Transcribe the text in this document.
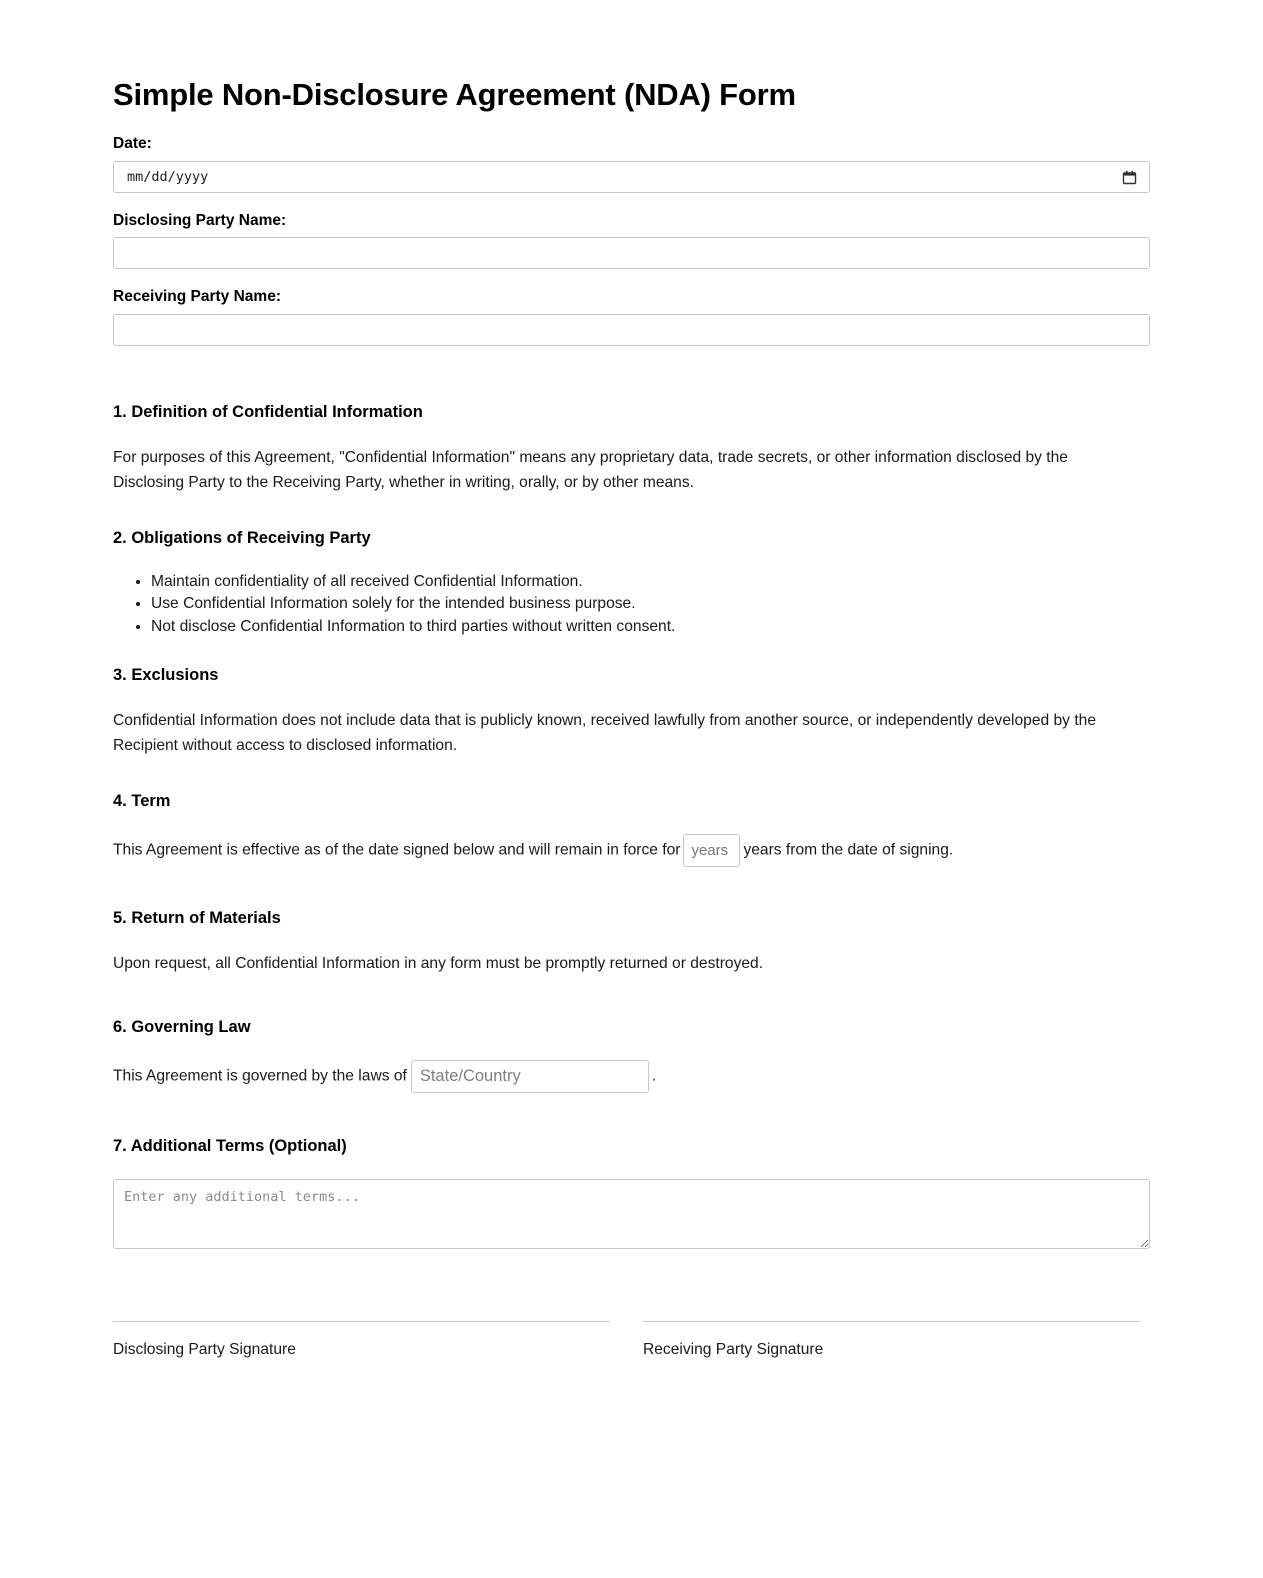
Simple Non-Disclosure Agreement (NDA) Form
Date:
mm/dd/yyyy
Disclosing Party Name:
Receiving Party Name:
1. Definition of Confidential Information

For purposes of this Agreement, "Confidential Information" means any proprietary data, trade secrets, or other information disclosed by the Disclosing Party to the Receiving Party, whether in writing, orally, or by other means.

2. Obligations of Receiving Party
• Maintain confidentiality of all received Confidential Information.
• Use Confidential Information solely for the intended business purpose.
• Not disclose Confidential Information to third parties without written consent.
3. Exclusions

Confidential Information does not include data that is publicly known, received lawfully from another source, or independently developed by the Recipient without access to disclosed information.

4. Term
This Agreement is effective as of the date signed below and will remain in force foryears	years from the date of signing.
5. Return of Materials

Upon request, all Confidential Information in any form must be promptly returned or destroyed.

6. Governing Law
This Agreement is governed by the laws ofState/Country	.
7. Additional Terms (Optional)
Enter any additional terms...
Disclosing Party Signature	Receiving Party Signature
